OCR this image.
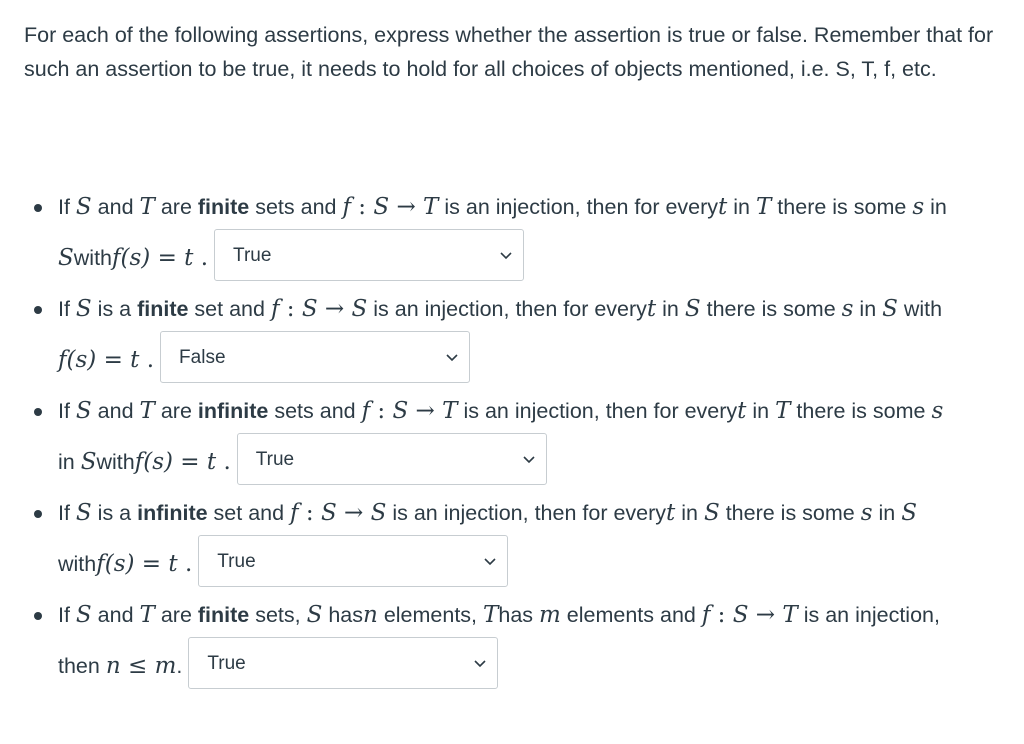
For each of the following assertions, express whether the assertion is true or false. Remember that for such an assertion to be true, it needs to hold for all choices of objects mentioned, i.e. S, T, f, etc.

If S and T are finite sets and f : S → T is an injection, then for everyt in T there is some s in
Swithf(s) = t . True
If S is a finite set and f : S → S is an injection, then for everyt in S there is some s in S with
f(s) = t . False
If S and T are infinite sets and f : S → T is an injection, then for everyt in T there is some s
in Swithf(s) = t . True
If S is a infinite set and f : S → S is an injection, then for everyt in S there is some s in S
withf(s) = t . True
If S and T are finite sets, S hasn elements, Thas m elements and f : S → T is an injection,
then n ≤ m. True
